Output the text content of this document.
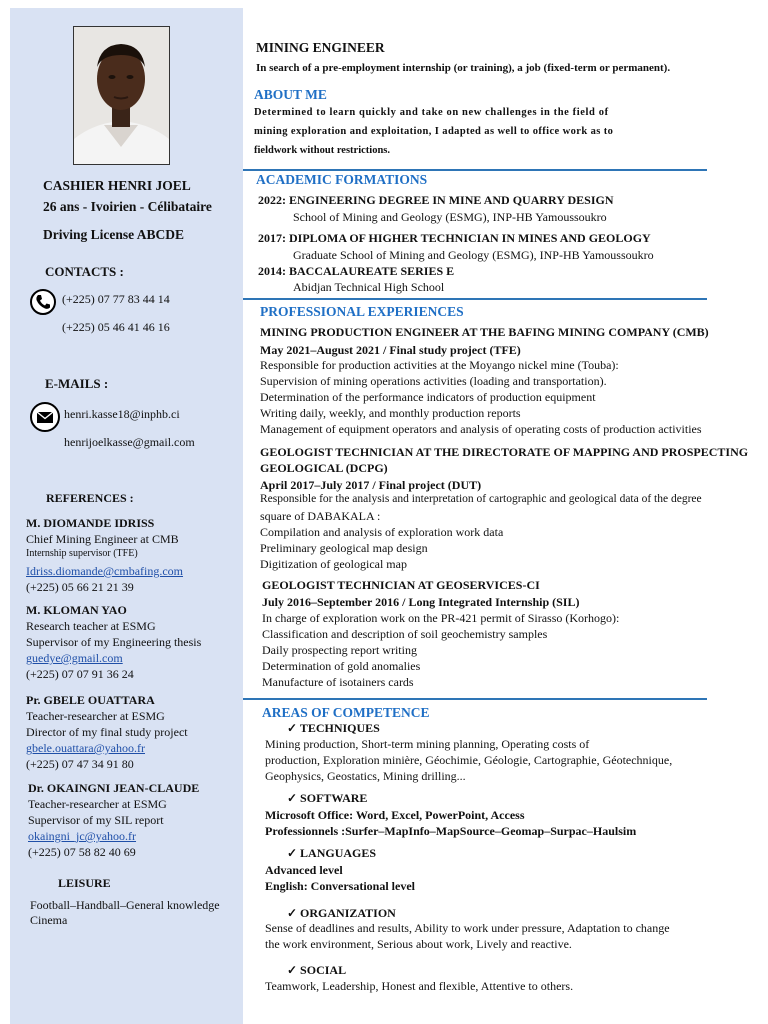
CASHIER HENRI JOEL
26 ans - Ivoirien - Célibataire
Driving License ABCDE
CONTACTS :
(+225) 07 77 83 44 14
(+225) 05 46 41 46 16
E-MAILS :
henri.kasse18@inphb.ci
henrijoelkasse@gmail.com
REFERENCES :
M. DIOMANDE IDRISS
Chief Mining Engineer at CMB
Internship supervisor (TFE)
Idriss.diomande@cmbafing.com
(+225) 05 66 21 21 39
M. KLOMAN YAO
Research teacher at ESMG
Supervisor of my Engineering thesis
guedye@gmail.com
(+225) 07 07 91 36 24
Pr. GBELE OUATTARA
Teacher-researcher at ESMG
Director of my final study project
gbele.ouattara@yahoo.fr
(+225) 07 47 34 91 80
Dr. OKAINGNI JEAN-CLAUDE
Teacher-researcher at ESMG
Supervisor of my SIL report
okaingni_jc@yahoo.fr
(+225) 07 58 82 40 69
LEISURE
Football–Handball–General knowledge
Cinema
MINING ENGINEER
In search of a pre-employment internship (or training), a job (fixed-term or permanent).
ABOUT ME
Determined to learn quickly and take on new challenges in the field of
mining exploration and exploitation, I adapted as well to office work as to
fieldwork without restrictions.
ACADEMIC FORMATIONS
2022: ENGINEERING DEGREE IN MINE AND QUARRY DESIGN
School of Mining and Geology (ESMG), INP-HB Yamoussoukro
2017: DIPLOMA OF HIGHER TECHNICIAN IN MINES AND GEOLOGY
Graduate School of Mining and Geology (ESMG), INP-HB Yamoussoukro
2014: BACCALAUREATE SERIES E
Abidjan Technical High School
PROFESSIONAL EXPERIENCES
MINING PRODUCTION ENGINEER AT THE BAFING MINING COMPANY (CMB)
May 2021–August 2021 / Final study project (TFE)
Responsible for production activities at the Moyango nickel mine (Touba):
Supervision of mining operations activities (loading and transportation).
Determination of the performance indicators of production equipment
Writing daily, weekly, and monthly production reports
Management of equipment operators and analysis of operating costs of production activities
GEOLOGIST TECHNICIAN AT THE DIRECTORATE OF MAPPING AND PROSPECTING
GEOLOGICAL (DCPG)
April 2017–July 2017 / Final project (DUT)
Responsible for the analysis and interpretation of cartographic and geological data of the degree
square of DABAKALA :
Compilation and analysis of exploration work data
Preliminary geological map design
Digitization of geological map
GEOLOGIST TECHNICIAN AT GEOSERVICES-CI
July 2016–September 2016 / Long Integrated Internship (SIL)
In charge of exploration work on the PR-421 permit of Sirasso (Korhogo):
Classification and description of soil geochemistry samples
Daily prospecting report writing
Determination of gold anomalies
Manufacture of isotainers cards
AREAS OF COMPETENCE
✓ TECHNIQUES
Mining production, Short-term mining planning, Operating costs of
production, Exploration minière, Géochimie, Géologie, Cartographie, Géotechnique,
Geophysics, Geostatics, Mining drilling...
✓ SOFTWARE
Microsoft Office: Word, Excel, PowerPoint, Access
Professionnels :Surfer–MapInfo–MapSource–Geomap–Surpac–Haulsim
✓ LANGUAGES
Advanced level
English: Conversational level
✓ ORGANIZATION
Sense of deadlines and results, Ability to work under pressure, Adaptation to change
the work environment, Serious about work, Lively and reactive.
✓ SOCIAL
Teamwork, Leadership, Honest and flexible, Attentive to others.
